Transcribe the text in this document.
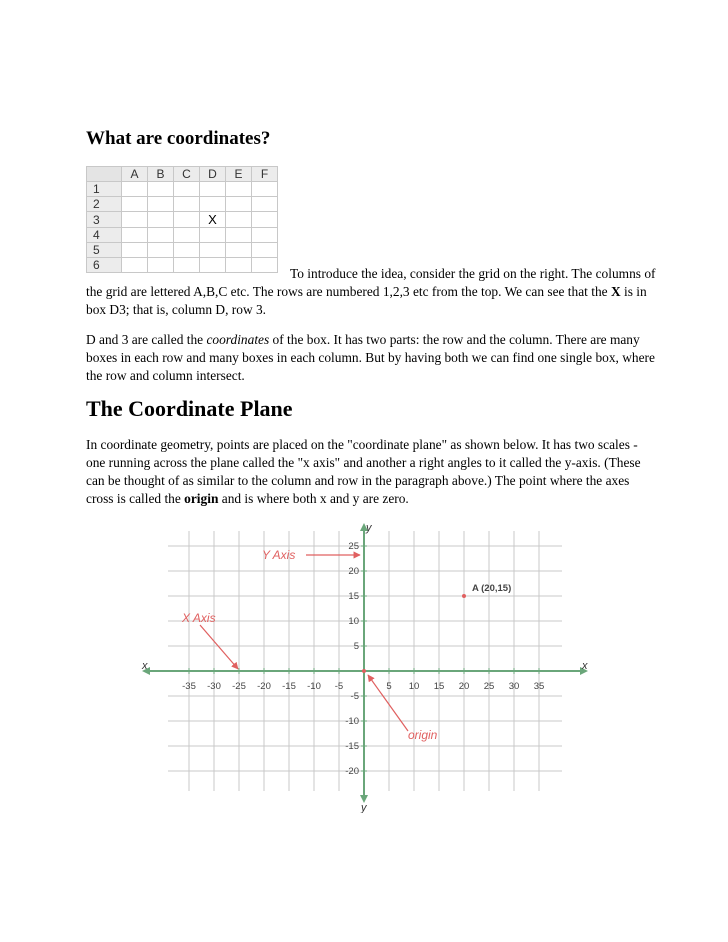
What are coordinates?
	A	B	C	D	E	F
1						
2						
3				X		
4						
5						
6						

To introduce the idea, consider the grid on the right. The columns of the grid are lettered A,B,C etc. The rows are numbered 1,2,3 etc from the top. We can see that the X is in box D3; that is, column D, row 3.

D and 3 are called the coordinates of the box. It has two parts: the row and the column. There are many boxes in each row and many boxes in each column. But by having both we can find one single box, where the row and column intersect.

The Coordinate Plane

In coordinate geometry, points are placed on the "coordinate plane" as shown below. It has two scales - one running across the plane called the "x axis" and another a right angles to it called the y-axis. (These can be thought of as similar to the column and row in the paragraph above.) The point where the axes cross is called the origin and is where both x and y are zero.

x	x
y
y
-35 -30 -25 -20 -15 -10 -5	5 10 15 20 25 30 35
25
20
15
10
5
-5
-10
-15
-20
A (20,15)
Y Axis
X Axis
origin
